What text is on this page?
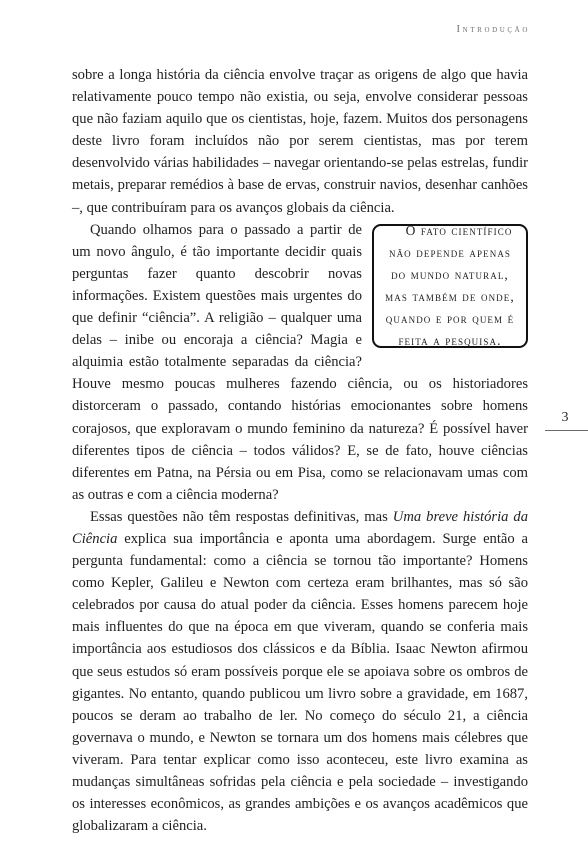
Introdução
3

sobre a longa história da ciência envolve traçar as origens de algo que havia relativamente pouco tempo não existia, ou seja, envolve considerar pessoas que não faziam aquilo que os cientistas, hoje, fazem. Muitos dos personagens deste livro foram incluídos não por serem cientistas, mas por terem desenvolvido várias habilidades – navegar orientando-se pelas estrelas, fundir metais, preparar remédios à base de ervas, construir navios, desenhar canhões –, que contribuíram para os avanços globais da ciência.

O fato científico não depende apenas do mundo natural, mas também de onde, quando e por quem é feita a pesquisa.
Quando olhamos para o passado a partir de um novo ângulo, é tão importante decidir quais perguntas fazer quanto descobrir novas informações. Existem questões mais urgentes do que definir “ciência”. A religião – qualquer uma delas – inibe ou encoraja a ciência? Magia e alquimia estão totalmente separadas da ciência? Houve mesmo poucas mulheres fazendo ciência, ou os historiadores distorceram o passado, contando histórias emocionantes sobre homens corajosos, que exploravam o mundo feminino da natureza? É possível haver diferentes tipos de ciência – todos válidos? E, se de fato, houve ciências diferentes em Patna, na Pérsia ou em Pisa, como se relacionavam umas com as outras e com a ciência moderna?

Essas questões não têm respostas definitivas, mas Uma breve história da Ciência explica sua importância e aponta uma abordagem. Surge então a pergunta fundamental: como a ciência se tornou tão importante? Homens como Kepler, Galileu e Newton com certeza eram brilhantes, mas só são celebrados por causa do atual poder da ciência. Esses homens parecem hoje mais influentes do que na época em que viveram, quando se conferia mais importância aos estudiosos dos clássicos e da Bíblia. Isaac Newton afirmou que seus estudos só eram possíveis porque ele se apoiava sobre os ombros de gigantes. No entanto, quando publicou um livro sobre a gravidade, em 1687, poucos se deram ao trabalho de ler. No começo do século 21, a ciência governava o mundo, e Newton se tornara um dos homens mais célebres que viveram. Para tentar explicar como isso aconteceu, este livro examina as mudanças simultâneas sofridas pela ciência e pela sociedade – investigando os interesses econômicos, as grandes ambições e os avanços acadêmicos que globalizaram a ciência.
